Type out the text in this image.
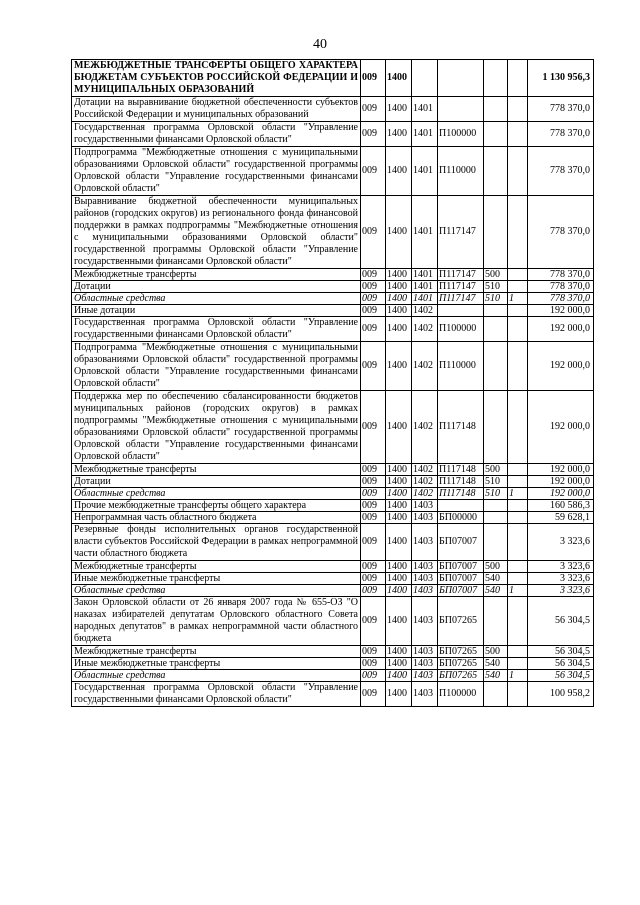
40
МЕЖБЮДЖЕТНЫЕ ТРАНСФЕРТЫ ОБЩЕГО ХАРАКТЕРА БЮДЖЕТАМ СУБЪЕКТОВ РОССИЙСКОЙ ФЕДЕРАЦИИ И МУНИЦИПАЛЬНЫХ ОБРАЗОВАНИЙ	009	1400					1 130 956,3
Дотации на выравнивание бюджетной обеспеченности субъектов Российской Федерации и муниципальных образований	009	1400	1401				778 370,0
Государственная программа Орловской области "Управление государственными финансами Орловской области"	009	1400	1401	П100000			778 370,0
Подпрограмма "Межбюджетные отношения с муниципальными образованиями Орловской области" государственной программы Орловской области "Управление государственными финансами Орловской области"	009	1400	1401	П110000			778 370,0
Выравнивание бюджетной обеспеченности муниципальных районов (городских округов) из регионального фонда финансовой поддержки в рамках подпрограммы "Межбюджетные отношения с муниципальными образованиями Орловской области" государственной программы Орловской области "Управление государственными финансами Орловской области"	009	1400	1401	П117147			778 370,0
Межбюджетные трансферты	009	1400	1401	П117147	500		778 370,0
Дотации	009	1400	1401	П117147	510		778 370,0
Областные средства	009	1400	1401	П117147	510	1	778 370,0
Иные дотации	009	1400	1402				192 000,0
Государственная программа Орловской области "Управление государственными финансами Орловской области"	009	1400	1402	П100000			192 000,0
Подпрограмма "Межбюджетные отношения с муниципальными образованиями Орловской области" государственной программы Орловской области "Управление государственными финансами Орловской области"	009	1400	1402	П110000			192 000,0
Поддержка мер по обеспечению сбалансированности бюджетов муниципальных районов (городских округов) в рамках подпрограммы "Межбюджетные отношения с муниципальными образованиями Орловской области" государственной программы Орловской области "Управление государственными финансами Орловской области"	009	1400	1402	П117148			192 000,0
Межбюджетные трансферты	009	1400	1402	П117148	500		192 000,0
Дотации	009	1400	1402	П117148	510		192 000,0
Областные средства	009	1400	1402	П117148	510	1	192 000,0
Прочие межбюджетные трансферты общего характера	009	1400	1403				160 586,3
Непрограммная часть областного бюджета	009	1400	1403	БП00000			59 628,1
Резервные фонды исполнительных органов государственной власти субъектов Российской Федерации в рамках непрограммной части областного бюджета	009	1400	1403	БП07007			3 323,6
Межбюджетные трансферты	009	1400	1403	БП07007	500		3 323,6
Иные межбюджетные трансферты	009	1400	1403	БП07007	540		3 323,6
Областные средства	009	1400	1403	БП07007	540	1	3 323,6
Закон Орловской области от 26 января 2007 года № 655-ОЗ "О наказах избирателей депутатам Орловского областного Совета народных депутатов" в рамках непрограммной части областного бюджета	009	1400	1403	БП07265			56 304,5
Межбюджетные трансферты	009	1400	1403	БП07265	500		56 304,5
Иные межбюджетные трансферты	009	1400	1403	БП07265	540		56 304,5
Областные средства	009	1400	1403	БП07265	540	1	56 304,5
Государственная программа Орловской области "Управление государственными финансами Орловской области"	009	1400	1403	П100000			100 958,2
